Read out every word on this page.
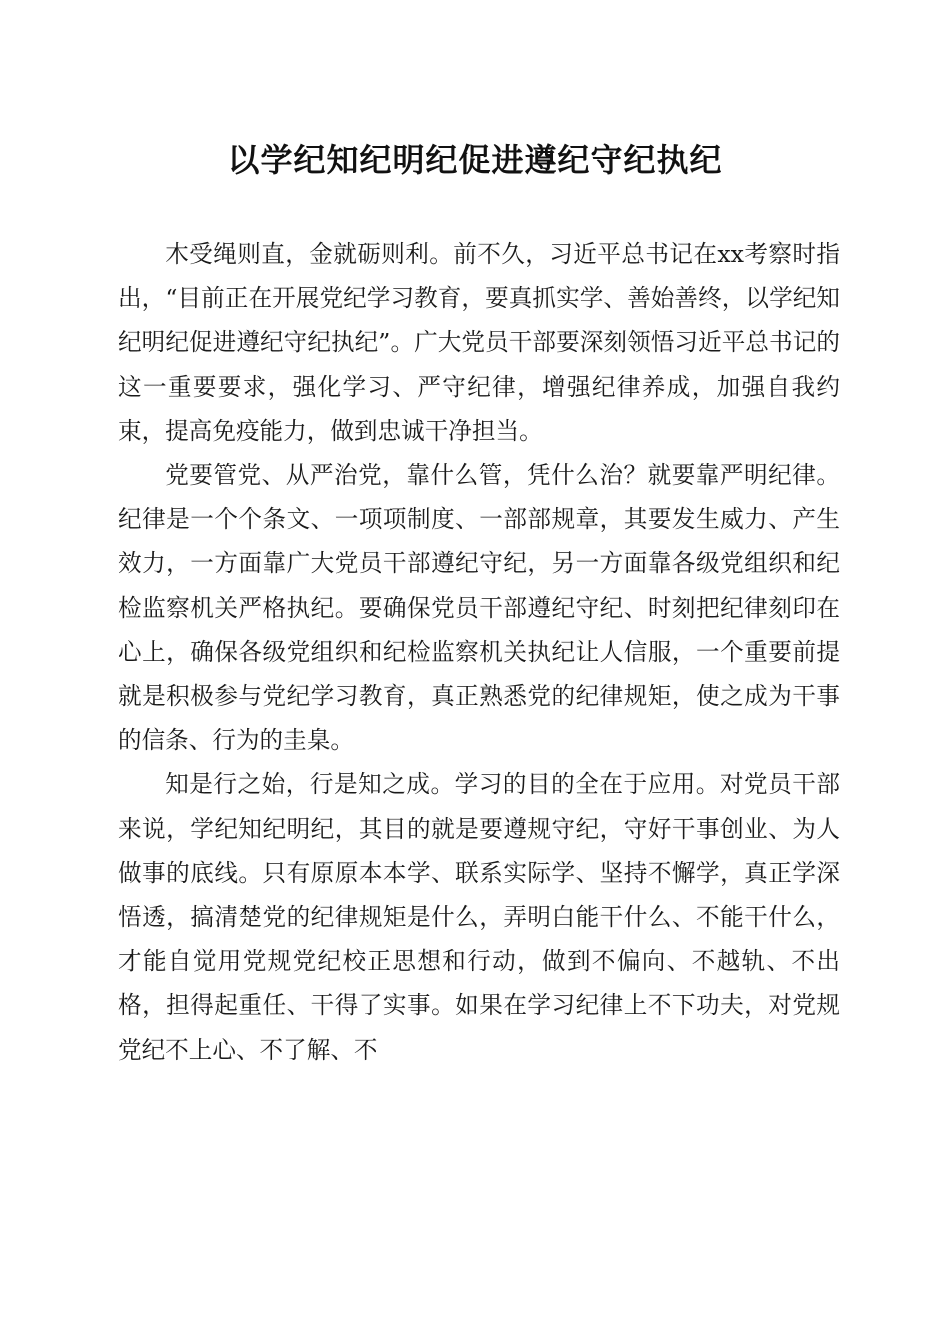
以学纪知纪明纪促进遵纪守纪执纪

木受绳则直，金就砺则利。前不久，习近平总书记在xx考察时指出，“目前正在开展党纪学习教育，要真抓实学、善始善终，以学纪知纪明纪促进遵纪守纪执纪”。广大党员干部要深刻领悟习近平总书记的这一重要要求，强化学习、严守纪律，增强纪律养成，加强自我约束，提高免疫能力，做到忠诚干净担当。

党要管党、从严治党，靠什么管，凭什么治？就要靠严明纪律。纪律是一个个条文、一项项制度、一部部规章，其要发生威力、产生效力，一方面靠广大党员干部遵纪守纪，另一方面靠各级党组织和纪检监察机关严格执纪。要确保党员干部遵纪守纪、时刻把纪律刻印在心上，确保各级党组织和纪检监察机关执纪让人信服，一个重要前提就是积极参与党纪学习教育，真正熟悉党的纪律规矩，使之成为干事的信条、行为的圭臬。

知是行之始，行是知之成。学习的目的全在于应用。对党员干部来说，学纪知纪明纪，其目的就是要遵规守纪，守好干事创业、为人做事的底线。只有原原本本学、联系实际学、坚持不懈学，真正学深悟透，搞清楚党的纪律规矩是什么，弄明白能干什么、不能干什么，才能自觉用党规党纪校正思想和行动，做到不偏向、不越轨、不出格，担得起重任、干得了实事。如果在学习纪律上不下功夫，对党规党纪不上心、不了解、不
